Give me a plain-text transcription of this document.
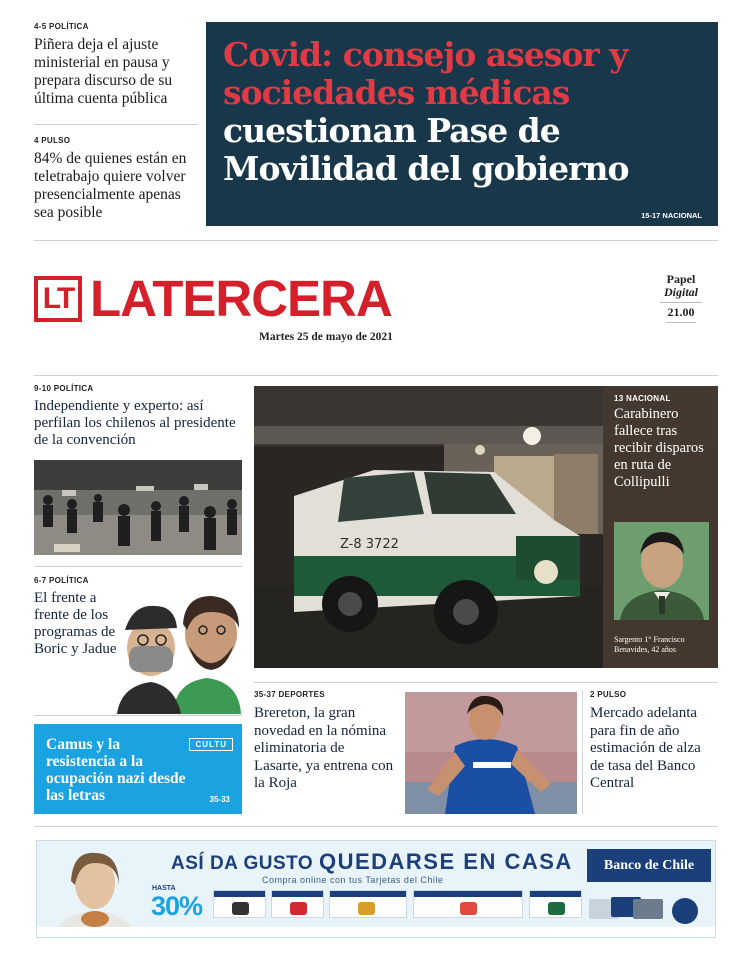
4-5 POLÍTICA
Piñera deja el ajuste ministerial en pausa y prepara discurso de su última cuenta pública
4 PULSO
84% de quienes están en teletrabajo quiere volver presencialmente apenas sea posible
Covid: consejo asesor y sociedades médicas
cuestionan Pase de Movilidad del gobierno
15-17 NACIONAL
LT LATERCERA
Martes 25 de mayo de 2021
Papel
Digital
21.00
9-10 POLÍTICA
Independiente y experto: así perfilan los chilenos al presidente de la convención
6-7 POLÍTICA
El frente a frente de los programas de Boric y Jadue
Camus y la resistencia a la ocupación nazi desde las letras
CULTU
35-33
Z-8 3722
13 NACIONAL
Carabinero fallece tras recibir disparos en ruta de Collipulli
Sargento 1° Francisco Benavides, 42 años
35-37 DEPORTES
Brereton, la gran novedad en la nómina eliminatoria de Lasarte, ya entrena con la Roja
2 PULSO
Mercado adelanta para fin de año estimación de alza de tasa del Banco Central
ASÍ DA GUSTO QUEDARSE EN CASA
Compra online con tus Tarjetas del Chile
Banco de Chile
HASTA
30%
